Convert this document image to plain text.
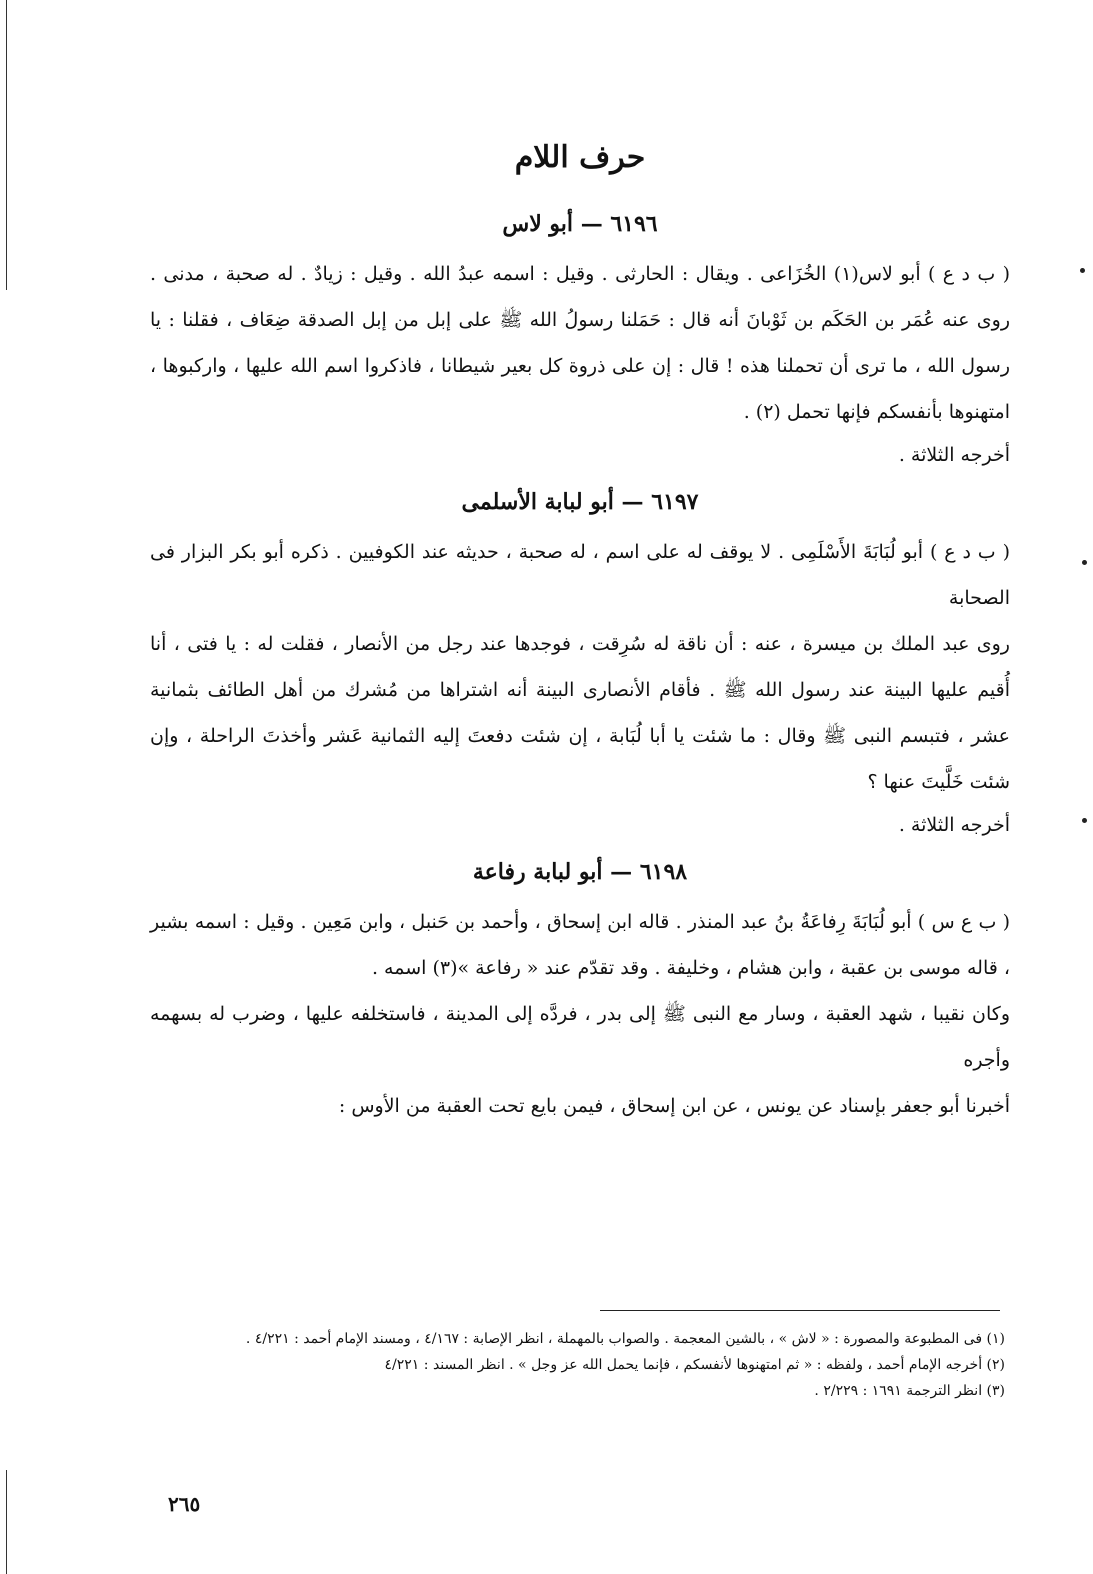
حرف اللام
٦١٩٦ — أبو لاس

( ب د ع ) أبو لاس(١) الخُزَاعى . ويقال : الحارثى . وقيل : اسمه عبدُ الله . وقيل : زيادٌ . له صحبة ، مدنى . روى عنه عُمَر بن الحَكَم بن ثَوْبانَ أنه قال : حَمَلنا رسولُ الله ﷺ على إبل من إبل الصدقة ضِعَاف ، فقلنا : يا رسول الله ، ما ترى أن تحملنا هذه ! قال : إن على ذروة كل بعير شيطانا ، فاذكروا اسم الله عليها ، واركبوها ، امتهنوها بأنفسكم فإنها تحمل (٢) .

أخرجه الثلاثة .

٦١٩٧ — أبو لبابة الأسلمى

( ب د ع ) أبو لُبَابَةَ الأَسْلَمِى . لا يوقف له على اسم ، له صحبة ، حديثه عند الكوفيين . ذكره أبو بكر البزار فى الصحابة

روى عبد الملك بن ميسرة ، عنه : أن ناقة له سُرِقت ، فوجدها عند رجل من الأنصار ، فقلت له : يا فتى ، أنا أُقيم عليها البينة عند رسول الله ﷺ . فأقام الأنصارى البينة أنه اشتراها من مُشرك من أهل الطائف بثمانية عشر ، فتبسم النبى ﷺ وقال : ما شئت يا أبا لُبَابة ، إن شئت دفعتَ إليه الثمانية عَشر وأخذتَ الراحلة ، وإن شئت خَلَّيتَ عنها ؟

أخرجه الثلاثة .

٦١٩٨ — أبو لبابة رفاعة

( ب ع س ) أبو لُبَابَةَ رِفاعَةُ بنُ عبد المنذر . قاله ابن إسحاق ، وأحمد بن حَنبل ، وابن مَعِين . وقيل : اسمه بشير ، قاله موسى بن عقبة ، وابن هشام ، وخليفة . وقد تقدّم عند « رفاعة »(٣) اسمه .

وكان نقيبا ، شهد العقبة ، وسار مع النبى ﷺ إلى بدر ، فردَّه إلى المدينة ، فاستخلفه عليها ، وضرب له بسهمه وأجره

أخبرنا أبو جعفر بإسناد عن يونس ، عن ابن إسحاق ، فيمن بايع تحت العقبة من الأوس :

(١) فى المطبوعة والمصورة : « لاش » ، بالشين المعجمة . والصواب بالمهملة ، انظر الإصابة : ٤/١٦٧ ، ومسند الإمام أحمد : ٤/٢٢١ .

(٢) أخرجه الإمام أحمد ، ولفظه : « ثم امتهنوها لأنفسكم ، فإنما يحمل الله عز وجل » . انظر المسند : ٤/٢٢١

(٣) انظر الترجمة ١٦٩١ : ٢/٢٢٩ .

٢٦٥
